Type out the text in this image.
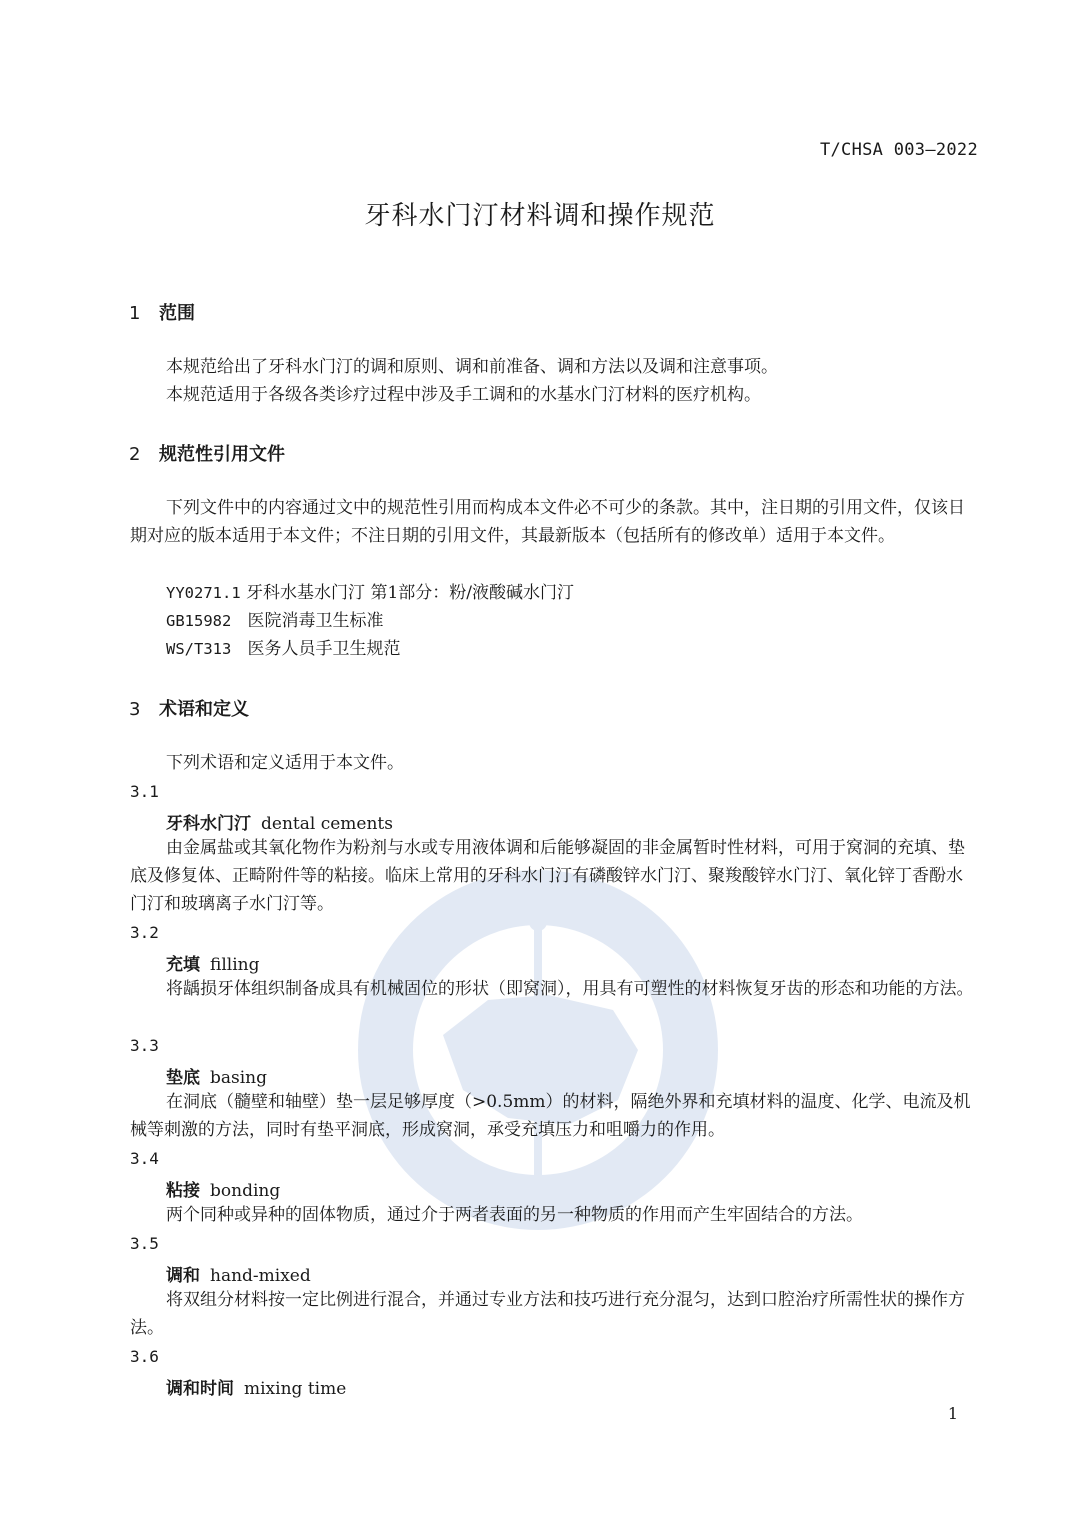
T/CHSA 003—2022
牙科水门汀材料调和操作规范
1 范围
本规范给出了牙科水门汀的调和原则、调和前准备、调和方法以及调和注意事项。
本规范适用于各级各类诊疗过程中涉及手工调和的水基水门汀材料的医疗机构。
2 规范性引用文件
下列文件中的内容通过文中的规范性引用而构成本文件必不可少的条款。其中，注日期的引用文件，仅该日期对应的版本适用于本文件；不注日期的引用文件，其最新版本（包括所有的修改单）适用于本文件。
YY0271.1 牙科水基水门汀 第1部分：粉/液酸碱水门汀
GB15982 医院消毒卫生标准
WS/T313 医务人员手卫生规范
3 术语和定义
下列术语和定义适用于本文件。
3.1
牙科水门汀 dental cements
由金属盐或其氧化物作为粉剂与水或专用液体调和后能够凝固的非金属暂时性材料，可用于窝洞的充填、垫底及修复体、正畸附件等的粘接。临床上常用的牙科水门汀有磷酸锌水门汀、聚羧酸锌水门汀、氧化锌丁香酚水门汀和玻璃离子水门汀等。
3.2
充填 filling
将龋损牙体组织制备成具有机械固位的形状（即窝洞），用具有可塑性的材料恢复牙齿的形态和功能的方法。
3.3
垫底 basing
在洞底（髓壁和轴壁）垫一层足够厚度（>0.5mm）的材料，隔绝外界和充填材料的温度、化学、电流及机械等刺激的方法，同时有垫平洞底，形成窝洞，承受充填压力和咀嚼力的作用。
3.4
粘接 bonding
两个同种或异种的固体物质，通过介于两者表面的另一种物质的作用而产生牢固结合的方法。
3.5
调和 hand-mixed
将双组分材料按一定比例进行混合，并通过专业方法和技巧进行充分混匀，达到口腔治疗所需性状的操作方法。
3.6
调和时间 mixing time
1
